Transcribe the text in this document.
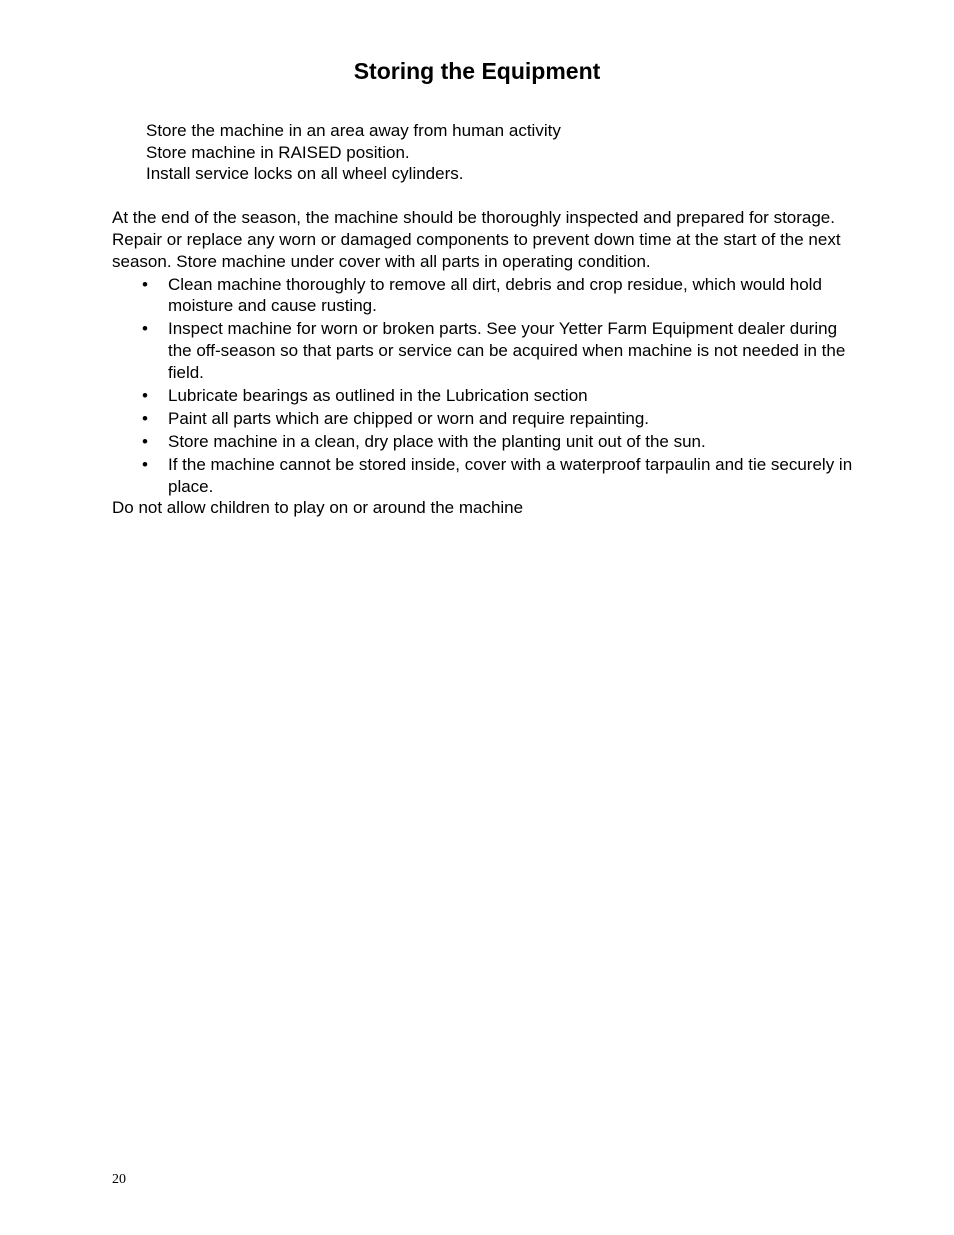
Storing the Equipment
Store the machine in an area away from human activity
Store machine in RAISED position.
Install service locks on all wheel cylinders.

At the end of the season, the machine should be thoroughly inspected and prepared for storage. Repair or replace any worn or damaged components to prevent down time at the start of the next season. Store machine under cover with all parts in operating condition.

• Clean machine thoroughly to remove all dirt, debris and crop residue, which would hold moisture and cause rusting.
• Inspect machine for worn or broken parts. See your Yetter Farm Equipment dealer during the off-season so that parts or service can be acquired when machine is not needed in the field.
• Lubricate bearings as outlined in the Lubrication section
• Paint all parts which are chipped or worn and require repainting.
• Store machine in a clean, dry place with the planting unit out of the sun.
• If the machine cannot be stored inside, cover with a waterproof tarpaulin and tie securely in place.

Do not allow children to play on or around the machine

20
